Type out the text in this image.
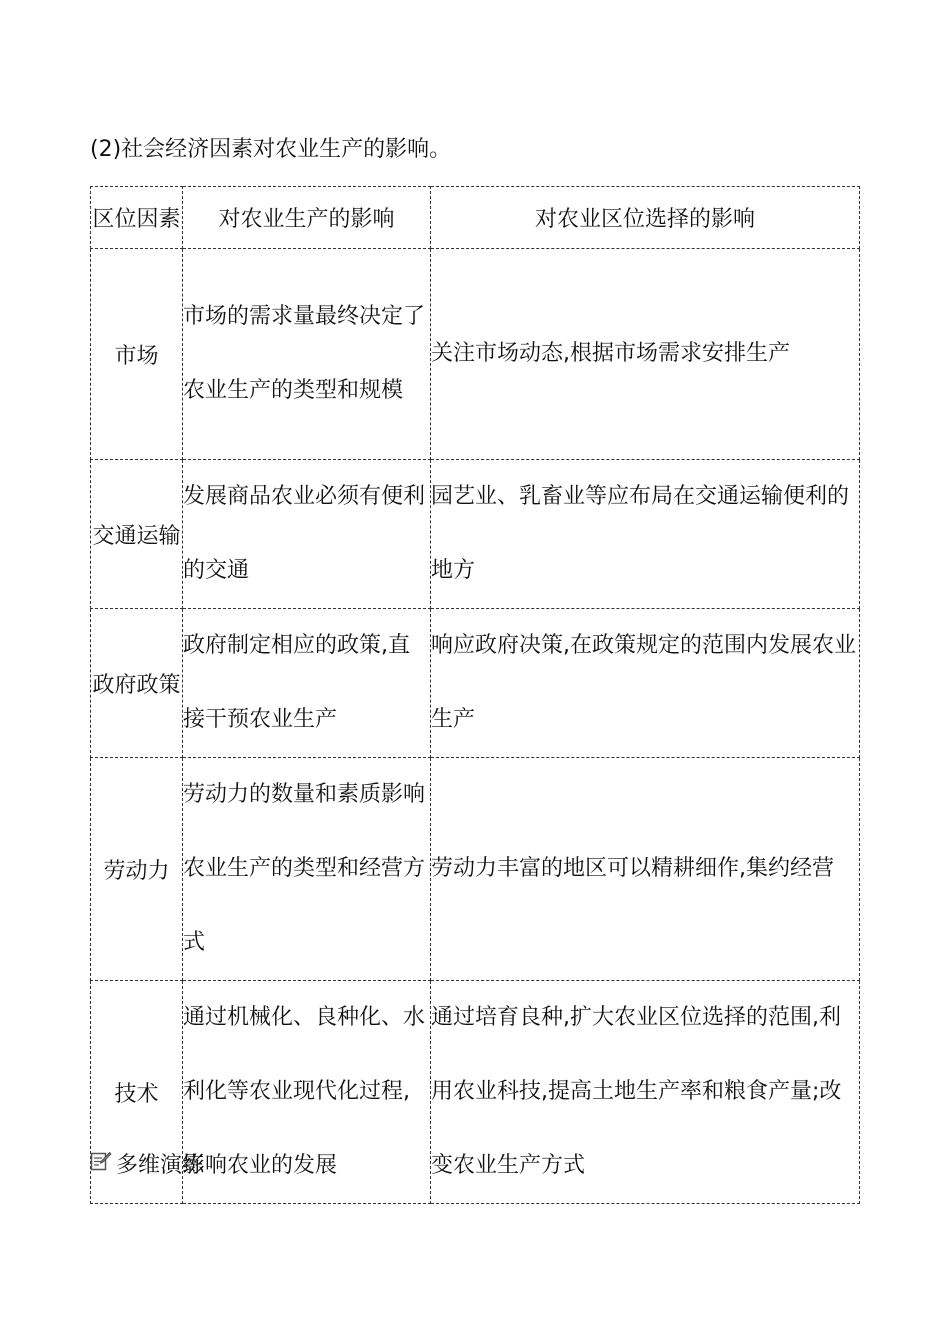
(2)社会经济因素对农业生产的影响。
区位因素	对农业生产的影响	对农业区位选择的影响
市场	市场的需求量最终决定了农业生产的类型和规模	关注市场动态,根据市场需求安排生产
交通运输	发展商品农业必须有便利的交通	园艺业、乳畜业等应布局在交通运输便利的地方
政府政策	政府制定相应的政策,直接干预农业生产	响应政府决策,在政策规定的范围内发展农业生产
劳动力	劳动力的数量和素质影响农业生产的类型和经营方式	劳动力丰富的地区可以精耕细作,集约经营
技术	通过机械化、良种化、水利化等农业现代化过程,影响农业的发展	通过培育良种,扩大农业区位选择的范围,利用农业科技,提高土地生产率和粮食产量;改变农业生产方式
多维演练
